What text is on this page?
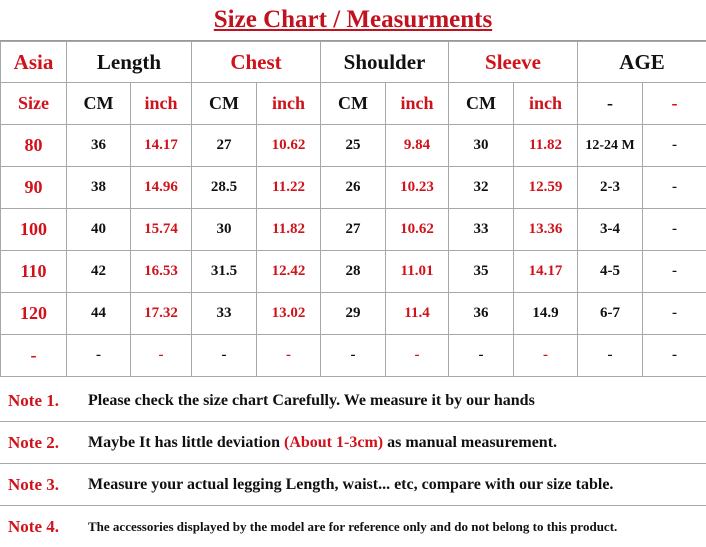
Size Chart / Measurments
Asia	Length		Chest		Shoulder		Sleeve		AGE	
Size	CM	inch	CM	inch	CM	inch	CM	inch	-	-
80	36	14.17	27	10.62	25	9.84	30	11.82	12-24 M	-
90	38	14.96	28.5	11.22	26	10.23	32	12.59	2-3	-
100	40	15.74	30	11.82	27	10.62	33	13.36	3-4	-
110	42	16.53	31.5	12.42	28	11.01	35	14.17	4-5	-
120	44	17.32	33	13.02	29	11.4	36	14.9	6-7	-
-	-	-	-	-	-	-	-	-	-	-
Note 1.	Please check the size chart Carefully. We measure it by our hands
Note 2.	Maybe It has little deviation (About 1-3cm) as manual measurement.
Note 3.	Measure your actual legging Length, waist... etc, compare with our size table.
Note 4.	The accessories displayed by the model are for reference only and do not belong to this product.
